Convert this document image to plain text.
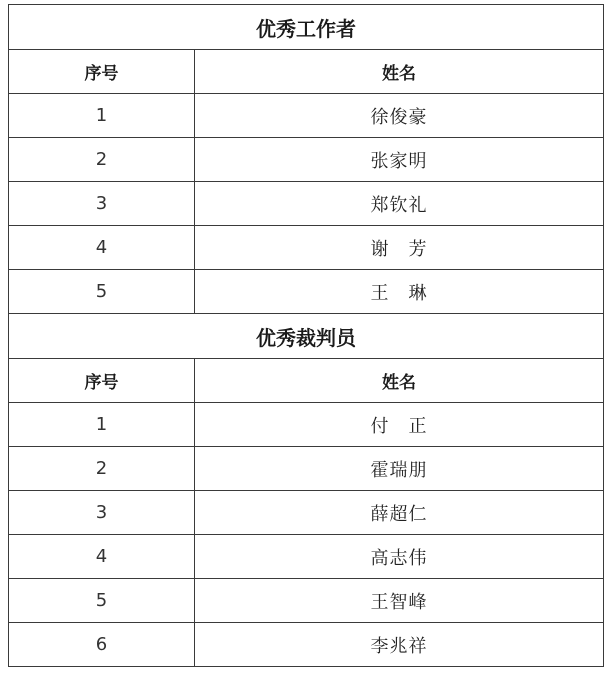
优秀工作者	
序号	姓名
1	徐俊豪
2	张家明
3	郑钦礼
4	谢　芳
5	王　琳
优秀裁判员	
序号	姓名
1	付　正
2	霍瑞朋
3	薛超仁
4	高志伟
5	王智峰
6	李兆祥
